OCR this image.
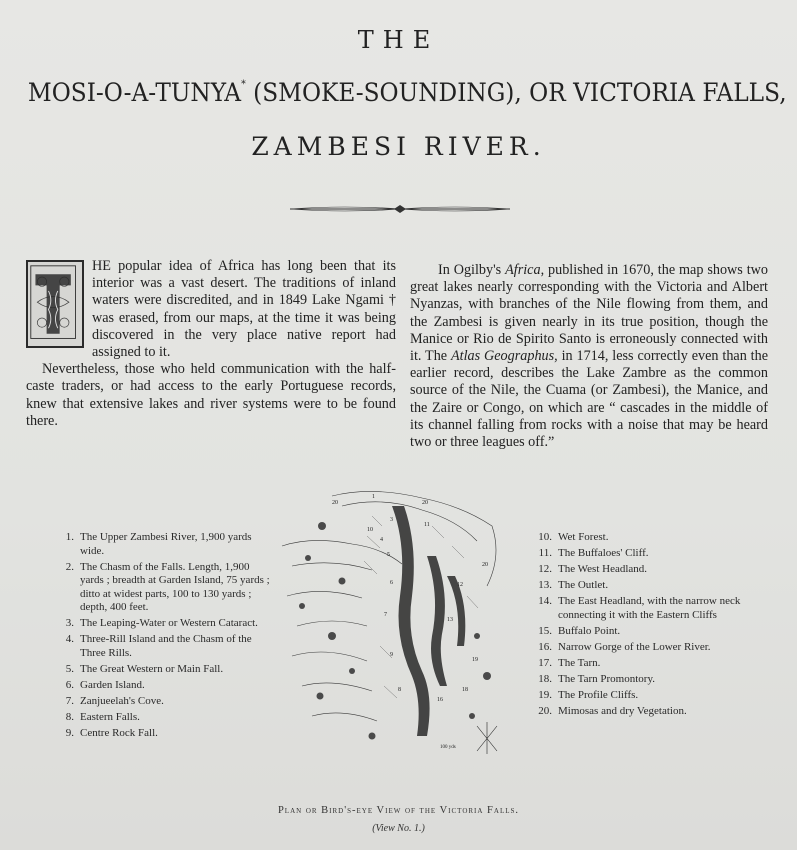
THE
MOSI-O-A-TUNYA* (SMOKE-SOUNDING), OR VICTORIA FALLS,
ZAMBESI RIVER.

HE popular idea of Africa has long been that its interior was a vast desert. The traditions of inland waters were discredited, and in 1849 Lake Ngami † was erased, from our maps, at the time it was being discovered in the very place native report had assigned to it.

Nevertheless, those who held communication with the half-caste traders, or had access to the early Portuguese records, knew that extensive lakes and river systems were to be found there.

In Ogilby's Africa, published in 1670, the map shows two great lakes nearly corresponding with the Victoria and Albert Nyanzas, with branches of the Nile flowing from them, and the Zambesi is given nearly in its true position, though the Manice or Rio de Spirito Santo is erroneously connected with it. The Atlas Geographus, in 1714, less correctly even than the earlier record, describes the Lake Zambre as the common source of the Nile, the Cuama (or Zambesi), the Manice, and the Zaire or Congo, on which are “ cascades in the middle of its channel falling from rocks with a noise that may be heard two or three leagues off.”

1. The Upper Zambesi River, 1,900 yards wide.
2. The Chasm of the Falls. Length, 1,900 yards ; breadth at Garden Island, 75 yards ; ditto at widest parts, 100 to 130 yards ; depth, 400 feet.
3. The Leaping-Water or Western Cataract.
4. Three-Rill Island and the Chasm of the Three Rills.
5. The Great Western or Main Fall.
6. Garden Island.
7. Zanjueelah's Cove.
8. Eastern Falls.
9. Centre Rock Fall.
10. Wet Forest.
11. The Buffaloes' Cliff.
12. The West Headland.
13. The Outlet.
14. The East Headland, with the narrow neck connecting it with the Eastern Cliffs
15. Buffalo Point.
16. Narrow Gorge of the Lower River.
17. The Tarn.
18. The Tarn Promontory.
19. The Profile Cliffs.
20. Mimosas and dry Vegetation.
20	20
20
19
18
16
13
12
11
10
9
8
7
6
5
4
3
1
100 yds
Plan or Bird's-eye View of the Victoria Falls.
(View No. 1.)
